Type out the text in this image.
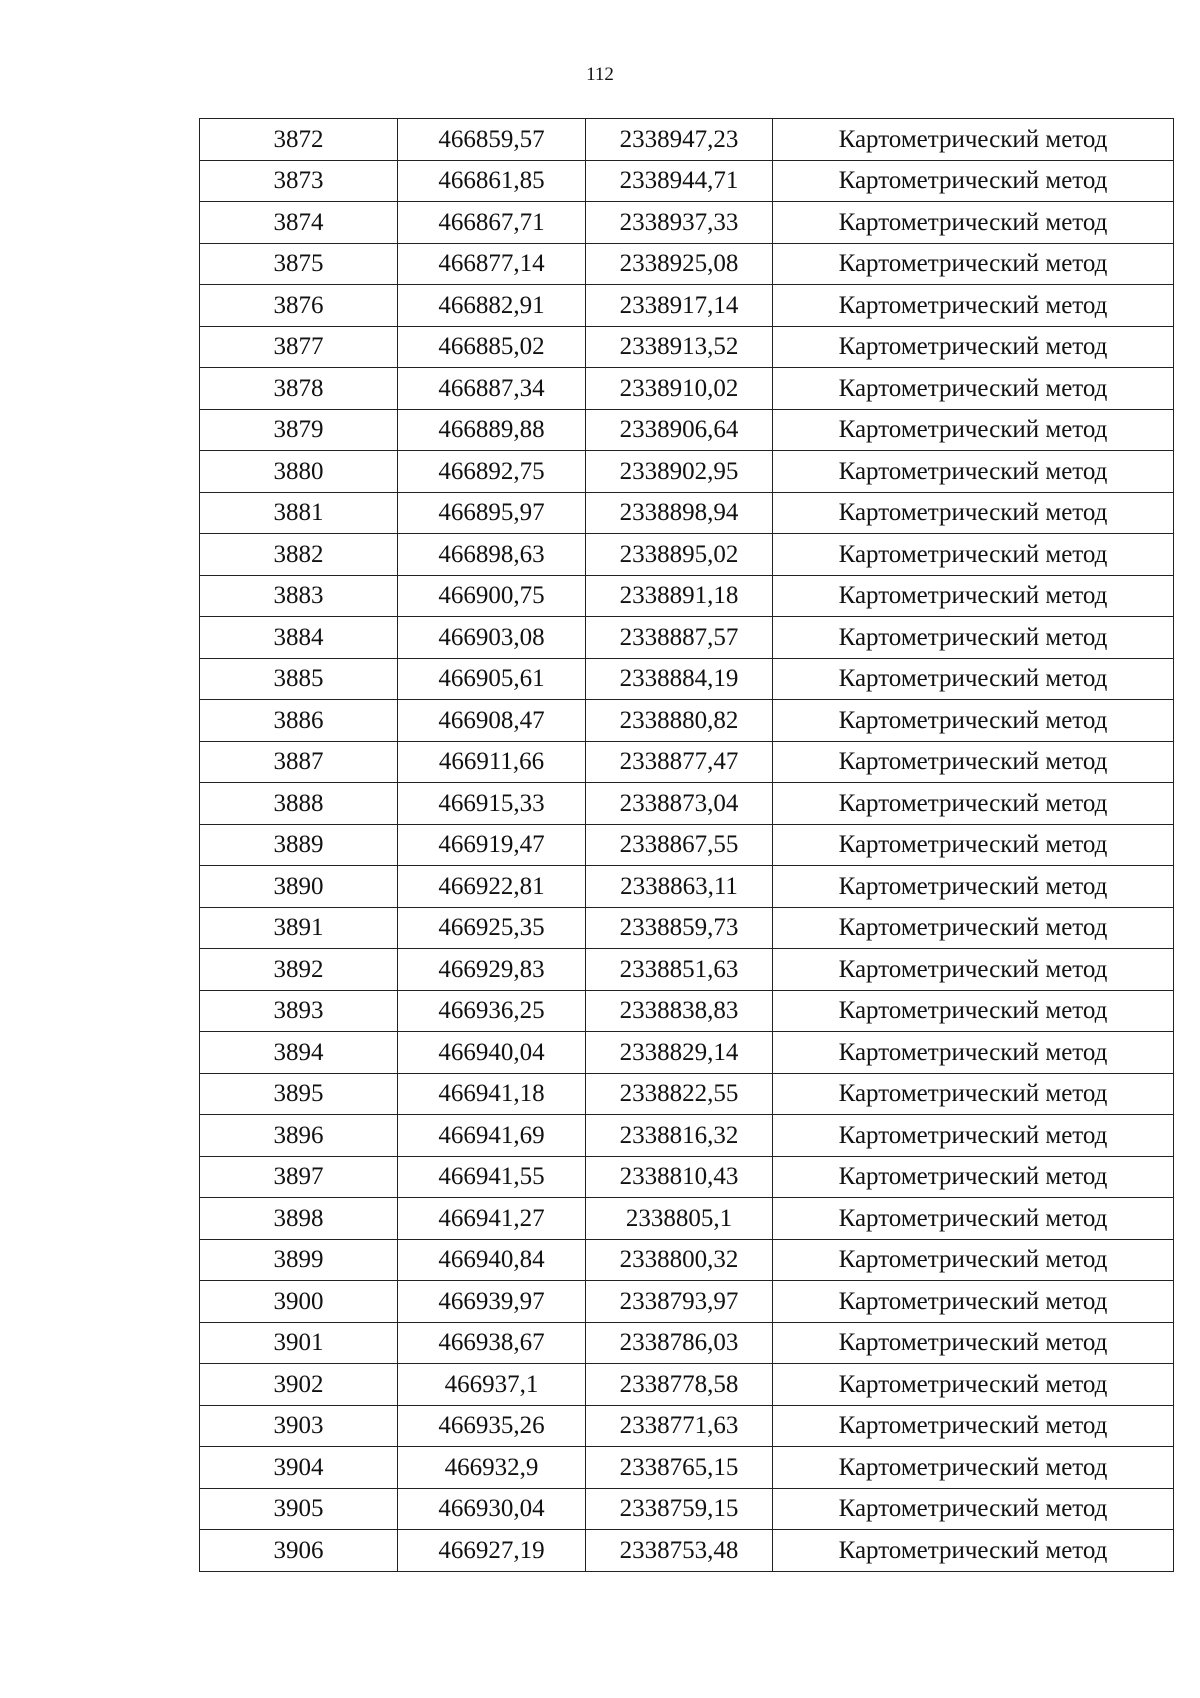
112
3872	466859,57	2338947,23	Картометрический метод
3873	466861,85	2338944,71	Картометрический метод
3874	466867,71	2338937,33	Картометрический метод
3875	466877,14	2338925,08	Картометрический метод
3876	466882,91	2338917,14	Картометрический метод
3877	466885,02	2338913,52	Картометрический метод
3878	466887,34	2338910,02	Картометрический метод
3879	466889,88	2338906,64	Картометрический метод
3880	466892,75	2338902,95	Картометрический метод
3881	466895,97	2338898,94	Картометрический метод
3882	466898,63	2338895,02	Картометрический метод
3883	466900,75	2338891,18	Картометрический метод
3884	466903,08	2338887,57	Картометрический метод
3885	466905,61	2338884,19	Картометрический метод
3886	466908,47	2338880,82	Картометрический метод
3887	466911,66	2338877,47	Картометрический метод
3888	466915,33	2338873,04	Картометрический метод
3889	466919,47	2338867,55	Картометрический метод
3890	466922,81	2338863,11	Картометрический метод
3891	466925,35	2338859,73	Картометрический метод
3892	466929,83	2338851,63	Картометрический метод
3893	466936,25	2338838,83	Картометрический метод
3894	466940,04	2338829,14	Картометрический метод
3895	466941,18	2338822,55	Картометрический метод
3896	466941,69	2338816,32	Картометрический метод
3897	466941,55	2338810,43	Картометрический метод
3898	466941,27	2338805,1	Картометрический метод
3899	466940,84	2338800,32	Картометрический метод
3900	466939,97	2338793,97	Картометрический метод
3901	466938,67	2338786,03	Картометрический метод
3902	466937,1	2338778,58	Картометрический метод
3903	466935,26	2338771,63	Картометрический метод
3904	466932,9	2338765,15	Картометрический метод
3905	466930,04	2338759,15	Картометрический метод
3906	466927,19	2338753,48	Картометрический метод
